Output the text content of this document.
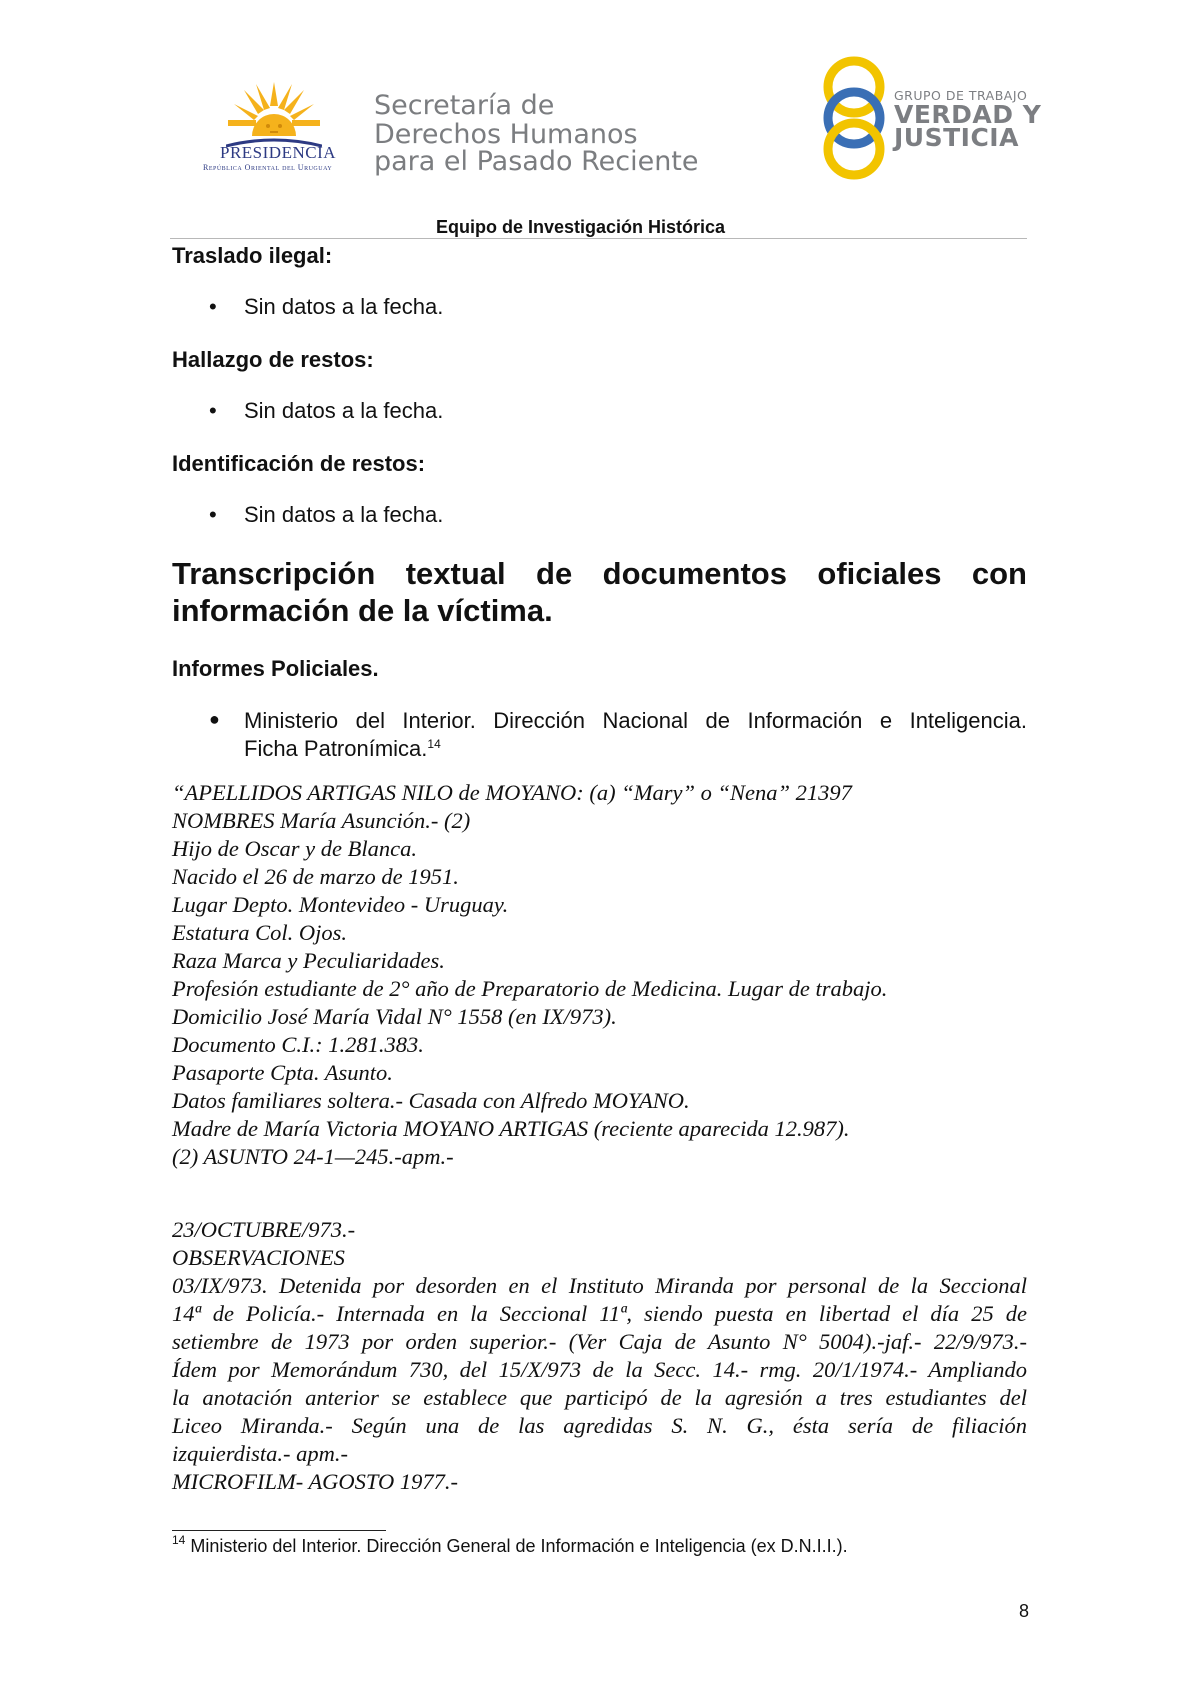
PRESIDENCIA
República Oriental del Uruguay
Secretaría de
Derechos Humanos
para el Pasado Reciente
GRUPO DE TRABAJO
VERDAD Y
JUSTICIA
Equipo de Investigación Histórica
Traslado ilegal:
• Sin datos a la fecha.
Hallazgo de restos:
• Sin datos a la fecha.
Identificación de restos:
• Sin datos a la fecha.
Transcripción textual de documentos oficiales con
información de la víctima.
Informes Policiales.
● Ministerio del Interior. Dirección Nacional de Información e Inteligencia.
Ficha Patronímica.$^{14}$
“APELLIDOS ARTIGAS NILO de MOYANO: (a) “Mary” o “Nena” 21397
NOMBRES María Asunción.- (2)
Hijo de Oscar y de Blanca.
Nacido el 26 de marzo de 1951.
Lugar Depto. Montevideo - Uruguay.
Estatura Col. Ojos.
Raza Marca y Peculiaridades.
Profesión estudiante de 2° año de Preparatorio de Medicina. Lugar de trabajo.
Domicilio José María Vidal N° 1558 (en IX/973).
Documento C.I.: 1.281.383.
Pasaporte Cpta. Asunto.
Datos familiares soltera.- Casada con Alfredo MOYANO.
Madre de María Victoria MOYANO ARTIGAS (reciente aparecida 12.987).
(2) ASUNTO 24-1—245.-apm.-
23/OCTUBRE/973.-
OBSERVACIONES
03/IX/973. Detenida por desorden en el Instituto Miranda por personal de la Seccional
14ª de Policía.- Internada en la Seccional 11ª, siendo puesta en libertad el día 25 de
setiembre de 1973 por orden superior.- (Ver Caja de Asunto N° 5004).-jaf.- 22/9/973.-
Ídem por Memorándum 730, del 15/X/973 de la Secc. 14.- rmg. 20/1/1974.- Ampliando
la anotación anterior se establece que participó de la agresión a tres estudiantes del
Liceo Miranda.- Según una de las agredidas S. N. G., ésta sería de filiación
izquierdista.- apm.-
MICROFILM- AGOSTO 1977.-
$^{14}$ Ministerio del Interior. Dirección General de Información e Inteligencia (ex D.N.I.I.).
8
